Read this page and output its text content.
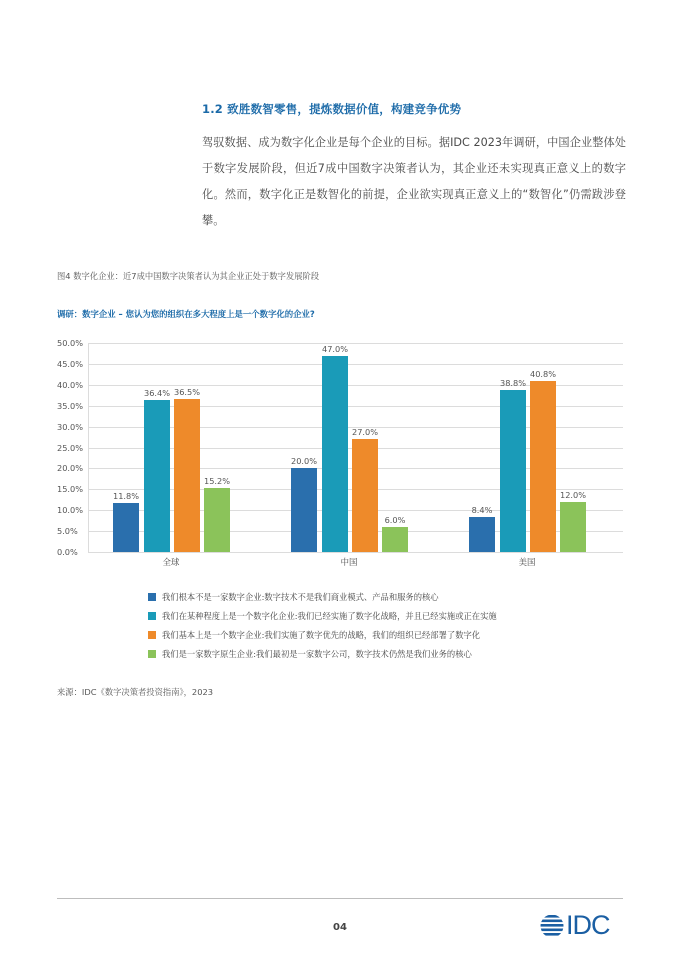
1.2 致胜数智零售，提炼数据价值，构建竞争优势
驾驭数据、成为数字化企业是每个企业的目标。据IDC 2023年调研，中国企业整体处于数字发展阶段，但近7成中国数字决策者认为，其企业还未实现真正意义上的数字化。然而，数字化正是数智化的前提，企业欲实现真正意义上的“数智化”仍需跋涉登攀。
图4 数字化企业：近7成中国数字决策者认为其企业正处于数字发展阶段
调研：数字企业 – 您认为您的组织在多大程度上是一个数字化的企业?
0.0%
5.0%
10.0%
15.0%
20.0%
25.0%
30.0%
35.0%
40.0%
45.0%
50.0%
11.8%
36.4% 36.5%
15.2%
全球
20.0%
47.0%
27.0%
6.0%
中国
8.4%
38.8%
40.8%
12.0%
美国
我们根本不是一家数字企业:数字技术不是我们商业模式、产品和服务的核心
我们在某种程度上是一个数字化企业:我们已经实施了数字化战略，并且已经实施或正在实施
我们基本上是一个数字企业:我们实施了数字优先的战略，我们的组织已经部署了数字化
我们是一家数字原生企业:我们最初是一家数字公司，数字技术仍然是我们业务的核心
来源：IDC《数字决策者投资指南》，2023
04	IDC
